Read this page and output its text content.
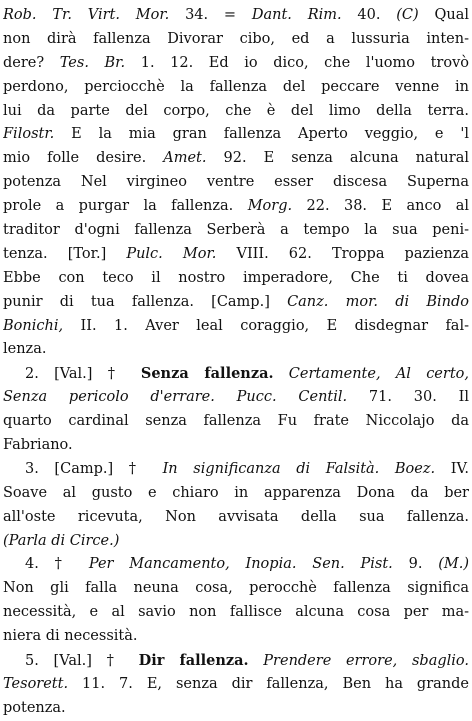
Rob. Tr. Virt. Mor. 34. = Dant. Rim. 40. (C) Qual
non dirà fallenza Divorar cibo, ed a lussuria inten-
dere? Tes. Br. 1. 12. Ed io dico, che l'uomo trovò
perdono, perciocchè la fallenza del peccare venne in
lui da parte del corpo, che è del limo della terra.
Filostr. E la mia gran fallenza Aperto veggio, e 'l
mio folle desire. Amet. 92. E senza alcuna natural
potenza Nel virgineo ventre esser discesa Superna
prole a purgar la fallenza. Morg. 22. 38. E anco al
traditor d'ogni fallenza Serberà a tempo la sua peni-
tenza. [Tor.] Pulc. Mor. VIII. 62. Troppa pazienza
Ebbe con teco il nostro imperadore, Che ti dovea
punir di tua fallenza. [Camp.] Canz. mor. di Bindo
Bonichi, II. 1. Aver leal coraggio, E disdegnar fal-
lenza.
2. [Val.] † Senza fallenza. Certamente, Al certo,
Senza pericolo d'errare. Pucc. Centil. 71. 30. Il
quarto cardinal senza fallenza Fu frate Niccolajo da
Fabriano.
3. [Camp.] † In significanza di Falsità. Boez. IV.
Soave al gusto e chiaro in apparenza Dona da ber
all'oste ricevuta, Non avvisata della sua fallenza.
(Parla di Circe.)
4. † Per Mancamento, Inopia. Sen. Pist. 9. (M.)
Non gli falla neuna cosa, perocchè fallenza significa
necessità, e al savio non fallisce alcuna cosa per ma-
niera di necessità.
5. [Val.] † Dir fallenza. Prendere errore, sbaglio.
Tesorett. 11. 7. E, senza dir fallenza, Ben ha grande
potenza.
